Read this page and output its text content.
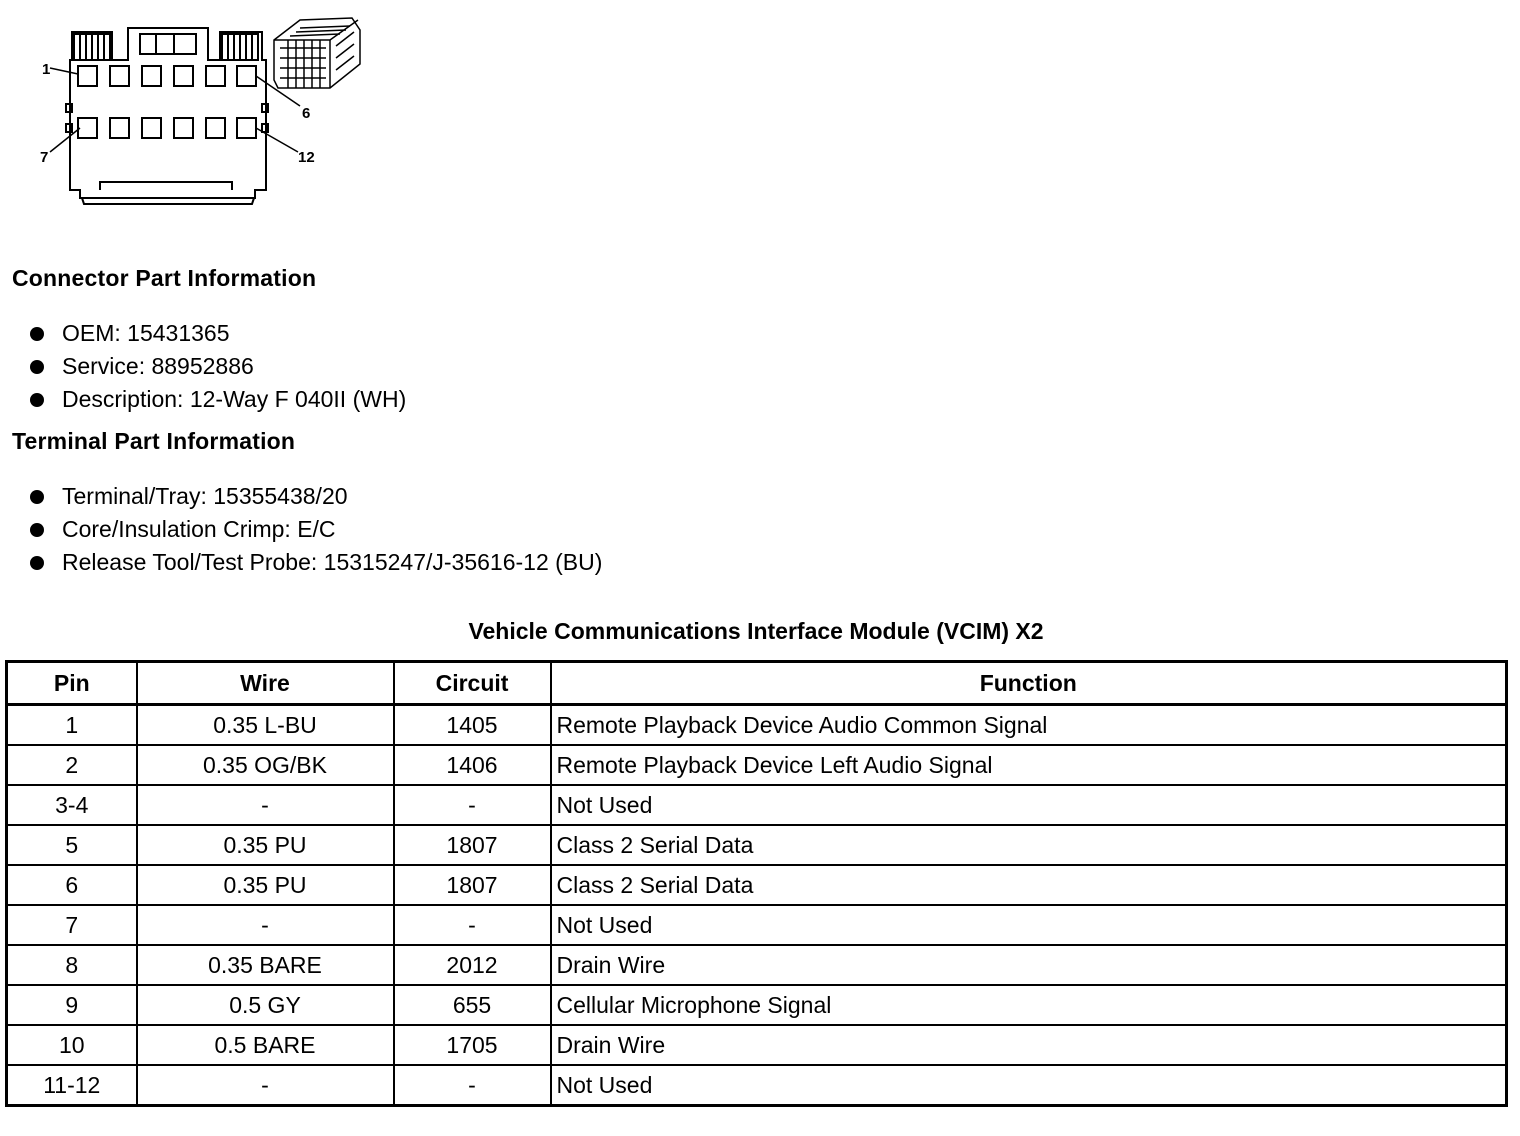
1
6
7	12
Connector Part Information
OEM: 15431365
Service: 88952886
Description: 12-Way F 040II (WH)
Terminal Part Information
Terminal/Tray: 15355438/20
Core/Insulation Crimp: E/C
Release Tool/Test Probe: 15315247/J-35616-12 (BU)
Vehicle Communications Interface Module (VCIM) X2
Pin	Wire	Circuit	Function
1	0.35 L-BU	1405	Remote Playback Device Audio Common Signal
2	0.35 OG/BK	1406	Remote Playback Device Left Audio Signal
3-4	-	-	Not Used
5	0.35 PU	1807	Class 2 Serial Data
6	0.35 PU	1807	Class 2 Serial Data
7	-	-	Not Used
8	0.35 BARE	2012	Drain Wire
9	0.5 GY	655	Cellular Microphone Signal
10	0.5 BARE	1705	Drain Wire
11-12	-	-	Not Used
